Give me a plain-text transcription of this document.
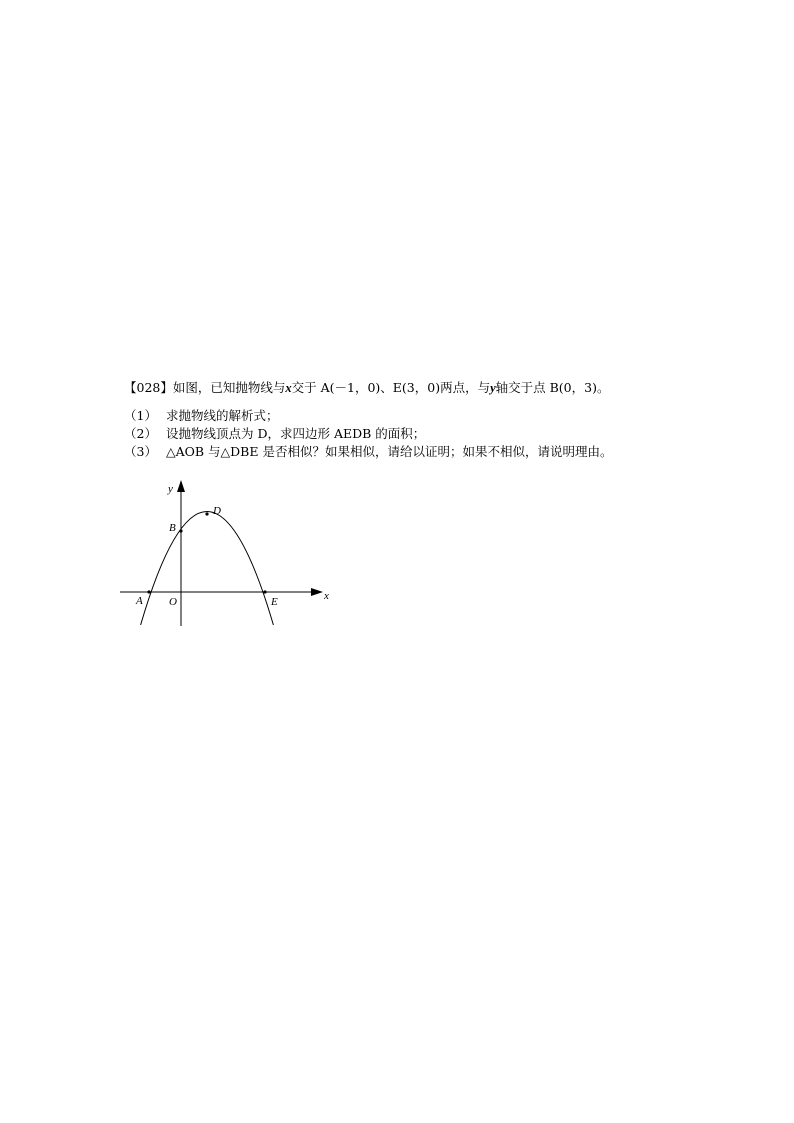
【028】如图，已知抛物线与x交于 A(－1，0)、E(3，0)两点，与y轴交于点 B(0，3)。
（1） 求抛物线的解析式；
（2） 设抛物线顶点为 D，求四边形 AEDB 的面积；
（3） △AOB 与△DBE 是否相似？如果相似，请给以证明；如果不相似，请说明理由。
y
x
A O	E
B
D
